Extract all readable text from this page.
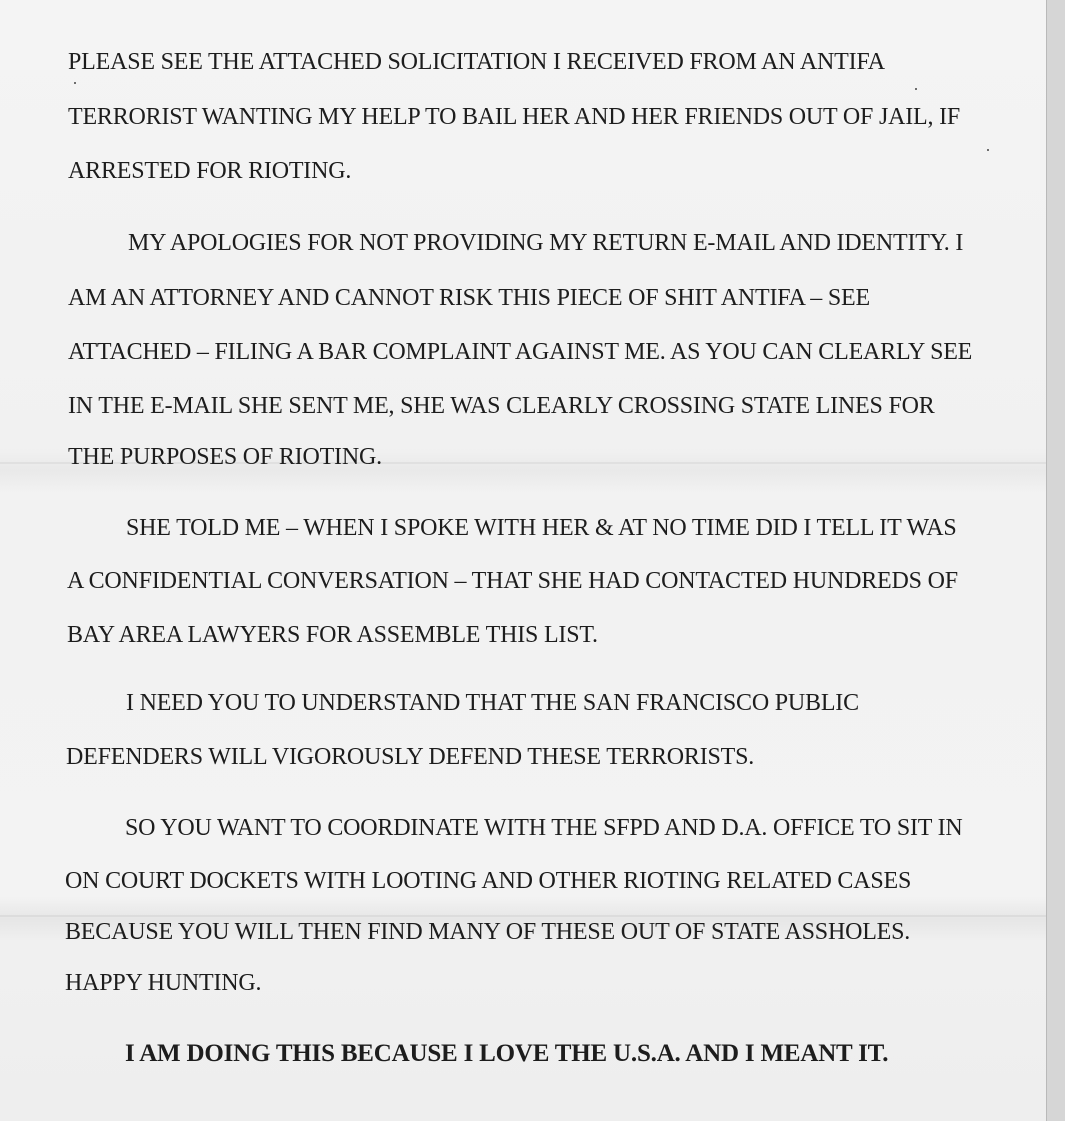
PLEASE SEE THE ATTACHED SOLICITATION I RECEIVED FROM AN ANTIFA
TERRORIST WANTING MY HELP TO BAIL HER AND HER FRIENDS OUT OF JAIL, IF
ARRESTED FOR RIOTING.
MY APOLOGIES FOR NOT PROVIDING MY RETURN E-MAIL AND IDENTITY. I
AM AN ATTORNEY AND CANNOT RISK THIS PIECE OF SHIT ANTIFA – SEE
ATTACHED – FILING A BAR COMPLAINT AGAINST ME. AS YOU CAN CLEARLY SEE
IN THE E-MAIL SHE SENT ME, SHE WAS CLEARLY CROSSING STATE LINES FOR
THE PURPOSES OF RIOTING.
SHE TOLD ME – WHEN I SPOKE WITH HER & AT NO TIME DID I TELL IT WAS
A CONFIDENTIAL CONVERSATION – THAT SHE HAD CONTACTED HUNDREDS OF
BAY AREA LAWYERS FOR ASSEMBLE THIS LIST.
I NEED YOU TO UNDERSTAND THAT THE SAN FRANCISCO PUBLIC
DEFENDERS WILL VIGOROUSLY DEFEND THESE TERRORISTS.
SO YOU WANT TO COORDINATE WITH THE SFPD AND D.A. OFFICE TO SIT IN
ON COURT DOCKETS WITH LOOTING AND OTHER RIOTING RELATED CASES
BECAUSE YOU WILL THEN FIND MANY OF THESE OUT OF STATE ASSHOLES.
HAPPY HUNTING.
I AM DOING THIS BECAUSE I LOVE THE U.S.A. AND I MEANT IT.
